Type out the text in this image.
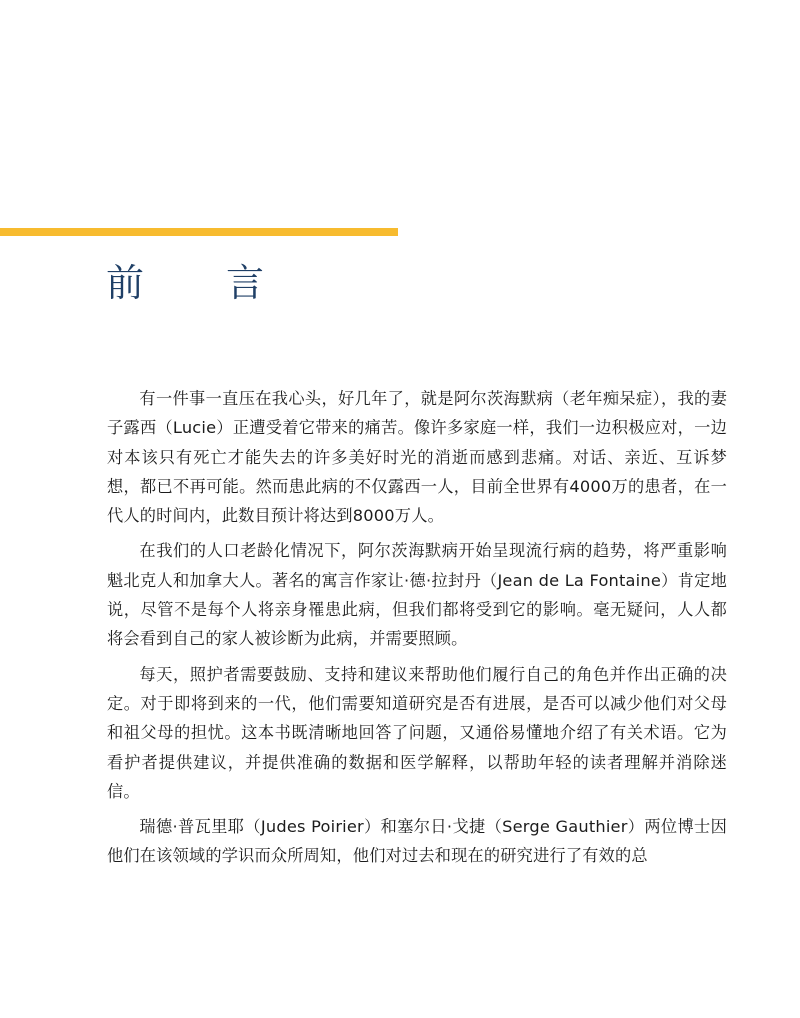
前 言

有一件事一直压在我心头，好几年了，就是阿尔茨海默病（老年痴呆症），我的妻子露西（Lucie）正遭受着它带来的痛苦。像许多家庭一样，我们一边积极应对，一边对本该只有死亡才能失去的许多美好时光的消逝而感到悲痛。对话、亲近、互诉梦想，都已不再可能。然而患此病的不仅露西一人，目前全世界有4000万的患者，在一代人的时间内，此数目预计将达到8000万人。

在我们的人口老龄化情况下，阿尔茨海默病开始呈现流行病的趋势，将严重影响魁北克人和加拿大人。著名的寓言作家让·德·拉封丹（Jean de La Fontaine）肯定地说，尽管不是每个人将亲身罹患此病，但我们都将受到它的影响。毫无疑问，人人都将会看到自己的家人被诊断为此病，并需要照顾。

每天，照护者需要鼓励、支持和建议来帮助他们履行自己的角色并作出正确的决定。对于即将到来的一代，他们需要知道研究是否有进展，是否可以减少他们对父母和祖父母的担忧。这本书既清晰地回答了问题，又通俗易懂地介绍了有关术语。它为看护者提供建议，并提供准确的数据和医学解释，以帮助年轻的读者理解并消除迷信。

瑞德·普瓦里耶（Judes Poirier）和塞尔日·戈捷（Serge Gauthier）两位博士因他们在该领域的学识而众所周知，他们对过去和现在的研究进行了有效的总
